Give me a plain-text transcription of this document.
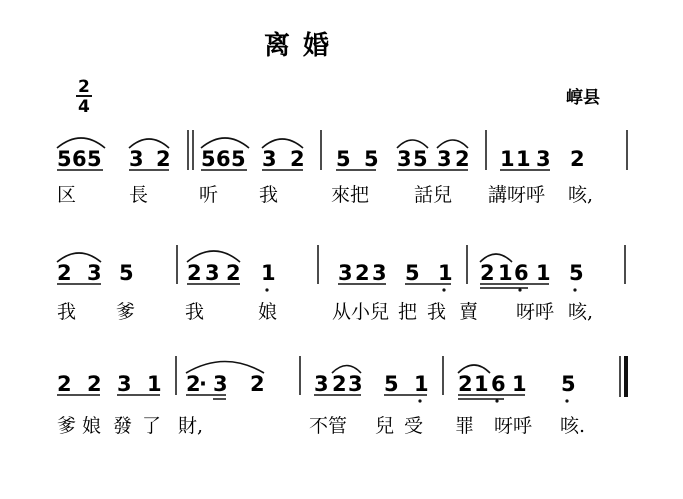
离 婚
崞县
2
4
5 6 5 3 2 5 6 5 3 2 5 5 3 5 3 2 1 1 3 2
区	長	听 我	來把 話兒 講呀呼 咳,
2 3 5	2 3 2 1	3 2 3 5 1 2 1 6 1 5
我 爹	我	娘	从小兒 把 我 賣 呀呼 咳,
2 2 3 1 2
· 3 2 3 2 3 5 1 2 1 6 1 5
爹 娘 發 了 財,	不管 兒 受 罪 呀呼 咳.
